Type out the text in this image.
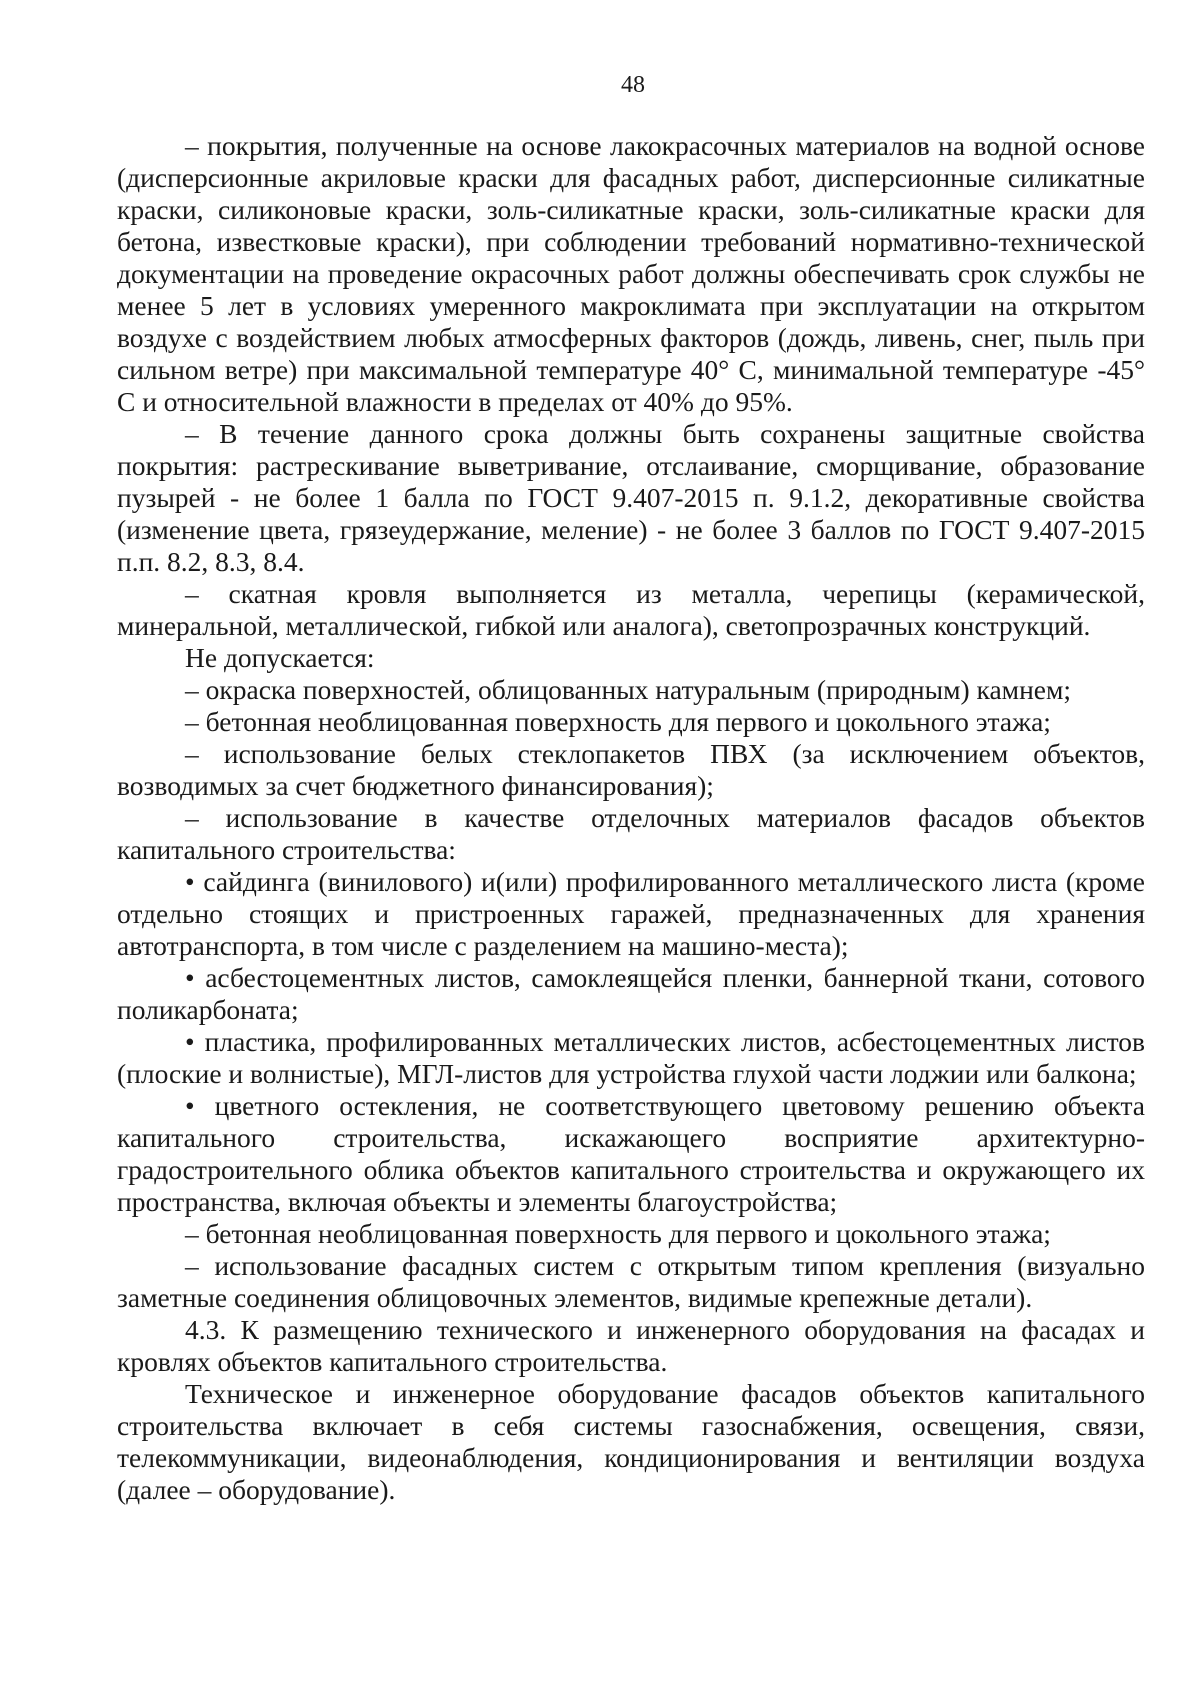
48

– покрытия, полученные на основе лакокрасочных материалов на водной основе (дисперсионные акриловые краски для фасадных работ, дисперсионные силикатные краски, силиконовые краски, золь-силикатные краски, золь-силикатные краски для бетона, известковые краски), при соблюдении требований нормативно-технической документации на проведение окрасочных работ должны обеспечивать срок службы не менее 5 лет в условиях умеренного макроклимата при эксплуатации на открытом воздухе с воздействием любых атмосферных факторов (дождь, ливень, снег, пыль при сильном ветре) при максимальной температуре 40° С, минимальной температуре -45° С и относительной влажности в пределах от 40% до 95%.

– В течение данного срока должны быть сохранены защитные свойства покрытия: растрескивание выветривание, отслаивание, сморщивание, образование пузырей - не более 1 балла по ГОСТ 9.407-2015 п. 9.1.2, декоративные свойства (изменение цвета, грязеудержание, меление) - не более 3 баллов по ГОСТ 9.407-2015 п.п. 8.2, 8.3, 8.4.

– скатная кровля выполняется из металла, черепицы (керамической, минеральной, металлической, гибкой или аналога), светопрозрачных конструкций.

Не допускается:

– окраска поверхностей, облицованных натуральным (природным) камнем;

– бетонная необлицованная поверхность для первого и цокольного этажа;

– использование белых стеклопакетов ПВХ (за исключением объектов, возводимых за счет бюджетного финансирования);

– использование в качестве отделочных материалов фасадов объектов капитального строительства:

• сайдинга (винилового) и(или) профилированного металлического листа (кроме отдельно стоящих и пристроенных гаражей, предназначенных для хранения автотранспорта, в том числе с разделением на машино-места);

• асбестоцементных листов, самоклеящейся пленки, баннерной ткани, сотового поликарбоната;

• пластика, профилированных металлических листов, асбестоцементных листов (плоские и волнистые), МГЛ-листов для устройства глухой части лоджии или балкона;

• цветного остекления, не соответствующего цветовому решению объекта капитального строительства, искажающего восприятие архитектурно-градостроительного облика объектов капитального строительства и окружающего их пространства, включая объекты и элементы благоустройства;

– бетонная необлицованная поверхность для первого и цокольного этажа;

– использование фасадных систем с открытым типом крепления (визуально заметные соединения облицовочных элементов, видимые крепежные детали).

4.3. К размещению технического и инженерного оборудования на фасадах и кровлях объектов капитального строительства.

Техническое и инженерное оборудование фасадов объектов капитального строительства включает в себя системы газоснабжения, освещения, связи, телекоммуникации, видеонаблюдения, кондиционирования и вентиляции воздуха (далее – оборудование).
